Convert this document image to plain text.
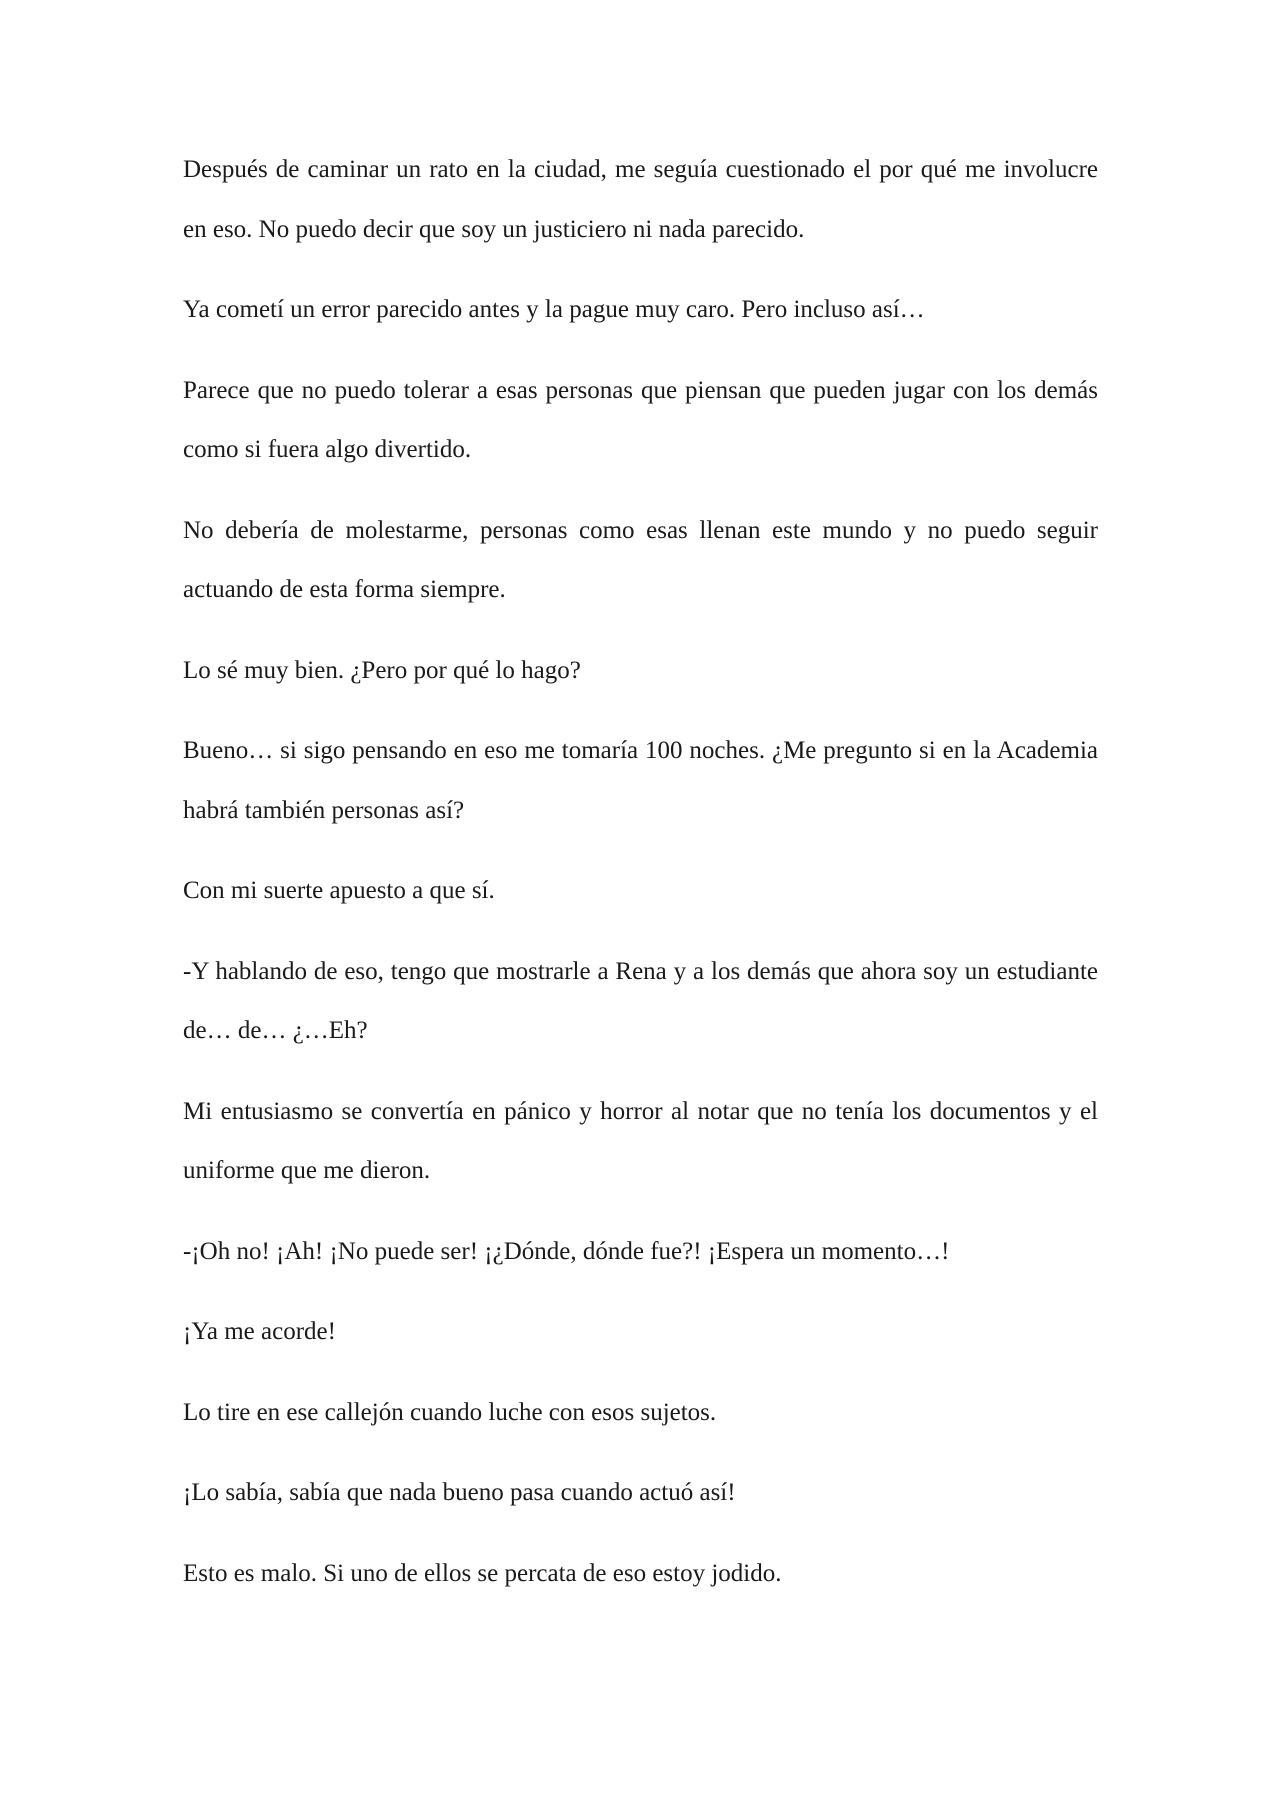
Después de caminar un rato en la ciudad, me seguía cuestionado el por qué me involucre en eso. No puedo decir que soy un justiciero ni nada parecido.

Ya cometí un error parecido antes y la pague muy caro. Pero incluso así…

Parece que no puedo tolerar a esas personas que piensan que pueden jugar con los demás como si fuera algo divertido.

No debería de molestarme, personas como esas llenan este mundo y no puedo seguir actuando de esta forma siempre.

Lo sé muy bien. ¿Pero por qué lo hago?

Bueno… si sigo pensando en eso me tomaría 100 noches. ¿Me pregunto si en la Academia habrá también personas así?

Con mi suerte apuesto a que sí.

-Y hablando de eso, tengo que mostrarle a Rena y a los demás que ahora soy un estudiante de… de… ¿…Eh?

Mi entusiasmo se convertía en pánico y horror al notar que no tenía los documentos y el uniforme que me dieron.

-¡Oh no! ¡Ah! ¡No puede ser! ¡¿Dónde, dónde fue?! ¡Espera un momento…!

¡Ya me acorde!

Lo tire en ese callejón cuando luche con esos sujetos.

¡Lo sabía, sabía que nada bueno pasa cuando actuó así!

Esto es malo. Si uno de ellos se percata de eso estoy jodido.
